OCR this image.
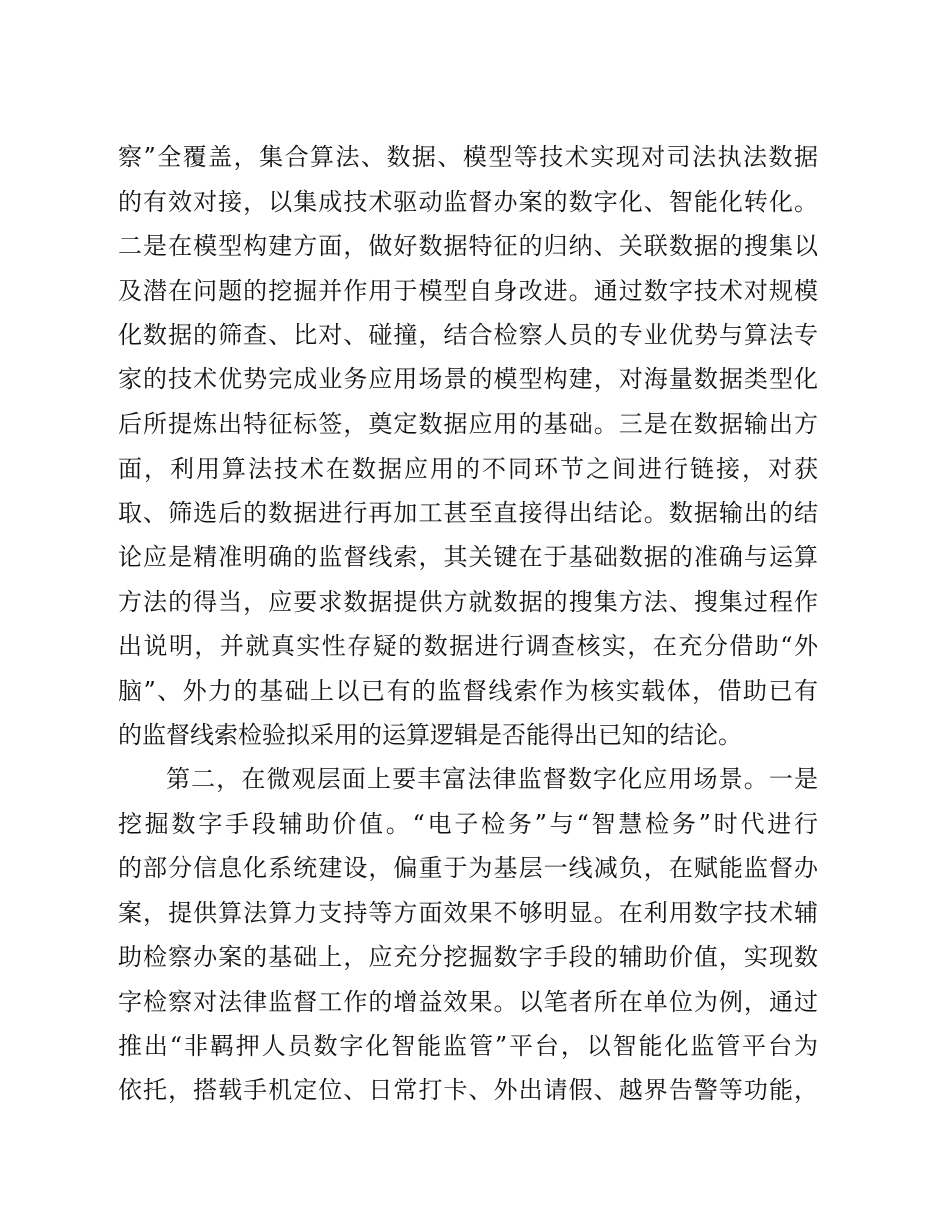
察”全覆盖，集合算法、数据、模型等技术实现对司法执法数据
的有效对接，以集成技术驱动监督办案的数字化、智能化转化。
二是在模型构建方面，做好数据特征的归纳、关联数据的搜集以
及潜在问题的挖掘并作用于模型自身改进。通过数字技术对规模
化数据的筛查、比对、碰撞，结合检察人员的专业优势与算法专
家的技术优势完成业务应用场景的模型构建，对海量数据类型化
后所提炼出特征标签，奠定数据应用的基础。三是在数据输出方
面，利用算法技术在数据应用的不同环节之间进行链接，对获
取、筛选后的数据进行再加工甚至直接得出结论。数据输出的结
论应是精准明确的监督线索，其关键在于基础数据的准确与运算
方法的得当，应要求数据提供方就数据的搜集方法、搜集过程作
出说明，并就真实性存疑的数据进行调查核实，在充分借助“外
脑”、外力的基础上以已有的监督线索作为核实载体，借助已有
的监督线索检验拟采用的运算逻辑是否能得出已知的结论。
第二，在微观层面上要丰富法律监督数字化应用场景。一是
挖掘数字手段辅助价值。“电子检务”与“智慧检务”时代进行
的部分信息化系统建设，偏重于为基层一线减负，在赋能监督办
案，提供算法算力支持等方面效果不够明显。在利用数字技术辅
助检察办案的基础上，应充分挖掘数字手段的辅助价值，实现数
字检察对法律监督工作的增益效果。以笔者所在单位为例，通过
推出“非羁押人员数字化智能监管”平台，以智能化监管平台为
依托，搭载手机定位、日常打卡、外出请假、越界告警等功能，
